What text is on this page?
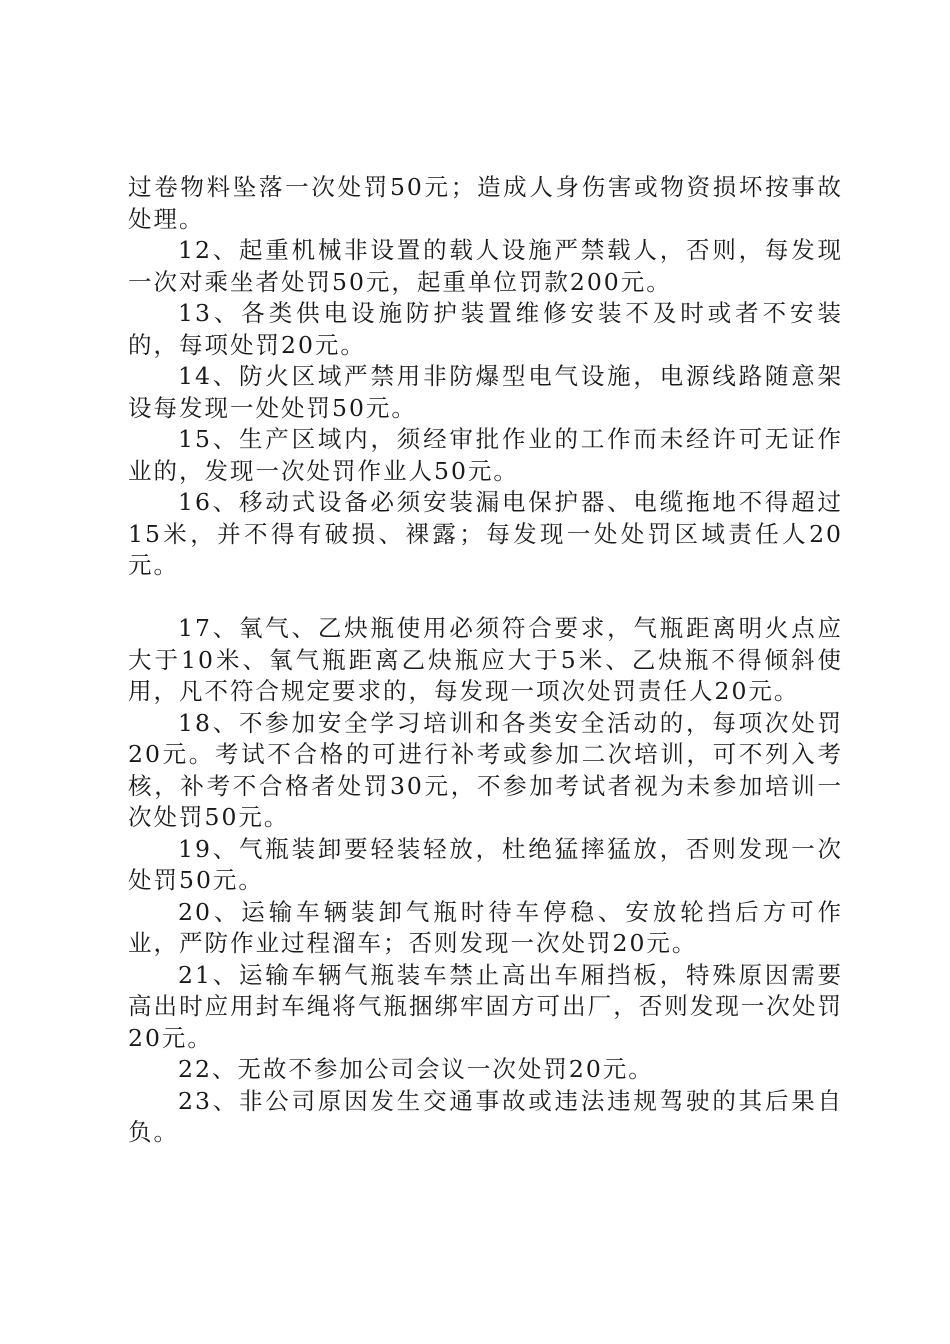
过卷物料坠落一次处罚50元；造成人身伤害或物资损坏按事故处理。

12、起重机械非设置的载人设施严禁载人，否则，每发现一次对乘坐者处罚50元，起重单位罚款200元。

13、各类供电设施防护装置维修安装不及时或者不安装的，每项处罚20元。

14、防火区域严禁用非防爆型电气设施，电源线路随意架设每发现一处处罚50元。

15、生产区域内，须经审批作业的工作而未经许可无证作业的，发现一次处罚作业人50元。

16、移动式设备必须安装漏电保护器、电缆拖地不得超过15米，并不得有破损、裸露；每发现一处处罚区域责任人20元。

17、氧气、乙炔瓶使用必须符合要求，气瓶距离明火点应大于10米、氧气瓶距离乙炔瓶应大于5米、乙炔瓶不得倾斜使用，凡不符合规定要求的，每发现一项次处罚责任人20元。

18、不参加安全学习培训和各类安全活动的，每项次处罚20元。考试不合格的可进行补考或参加二次培训，可不列入考核，补考不合格者处罚30元，不参加考试者视为未参加培训一次处罚50元。

19、气瓶装卸要轻装轻放，杜绝猛摔猛放，否则发现一次处罚50元。

20、运输车辆装卸气瓶时待车停稳、安放轮挡后方可作业，严防作业过程溜车；否则发现一次处罚20元。

21、运输车辆气瓶装车禁止高出车厢挡板，特殊原因需要高出时应用封车绳将气瓶捆绑牢固方可出厂，否则发现一次处罚20元。

22、无故不参加公司会议一次处罚20元。

23、非公司原因发生交通事故或违法违规驾驶的其后果自负。
